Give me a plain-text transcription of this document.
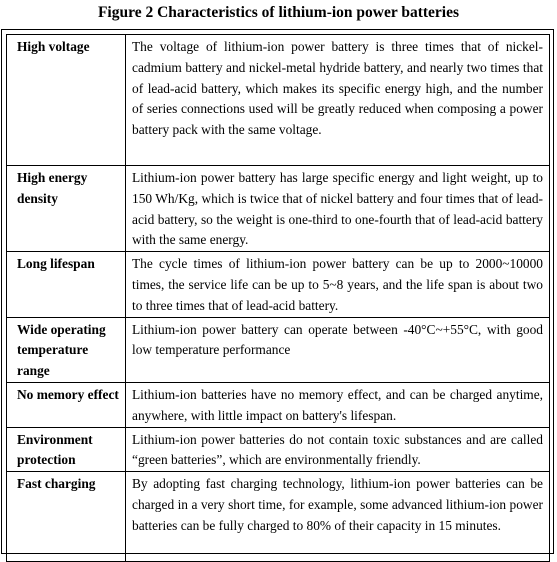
Figure 2 Characteristics of lithium-ion power batteries
High voltage	The voltage of lithium-ion power battery is three times that of nickel-cadmium battery and nickel-metal hydride battery, and nearly two times that of lead-acid battery, which makes its specific energy high, and the number of series connections used will be greatly reduced when composing a power battery pack with the same voltage.
High energy density	Lithium-ion power battery has large specific energy and light weight, up to 150 Wh/Kg, which is twice that of nickel battery and four times that of lead-acid battery, so the weight is one-third to one-fourth that of lead-acid battery with the same energy.
Long lifespan	The cycle times of lithium-ion power battery can be up to 2000~10000 times, the service life can be up to 5~8 years, and the life span is about two to three times that of lead-acid battery.
Wide operating temperature range	Lithium-ion power battery can operate between -40°C~+55°C, with good low temperature performance
No memory effect	Lithium-ion batteries have no memory effect, and can be charged anytime, anywhere, with little impact on battery's lifespan.
Environment protection	Lithium-ion power batteries do not contain toxic substances and are called “green batteries”, which are environmentally friendly.
Fast charging	By adopting fast charging technology, lithium-ion power batteries can be charged in a very short time, for example, some advanced lithium-ion power batteries can be fully charged to 80% of their capacity in 15 minutes.
